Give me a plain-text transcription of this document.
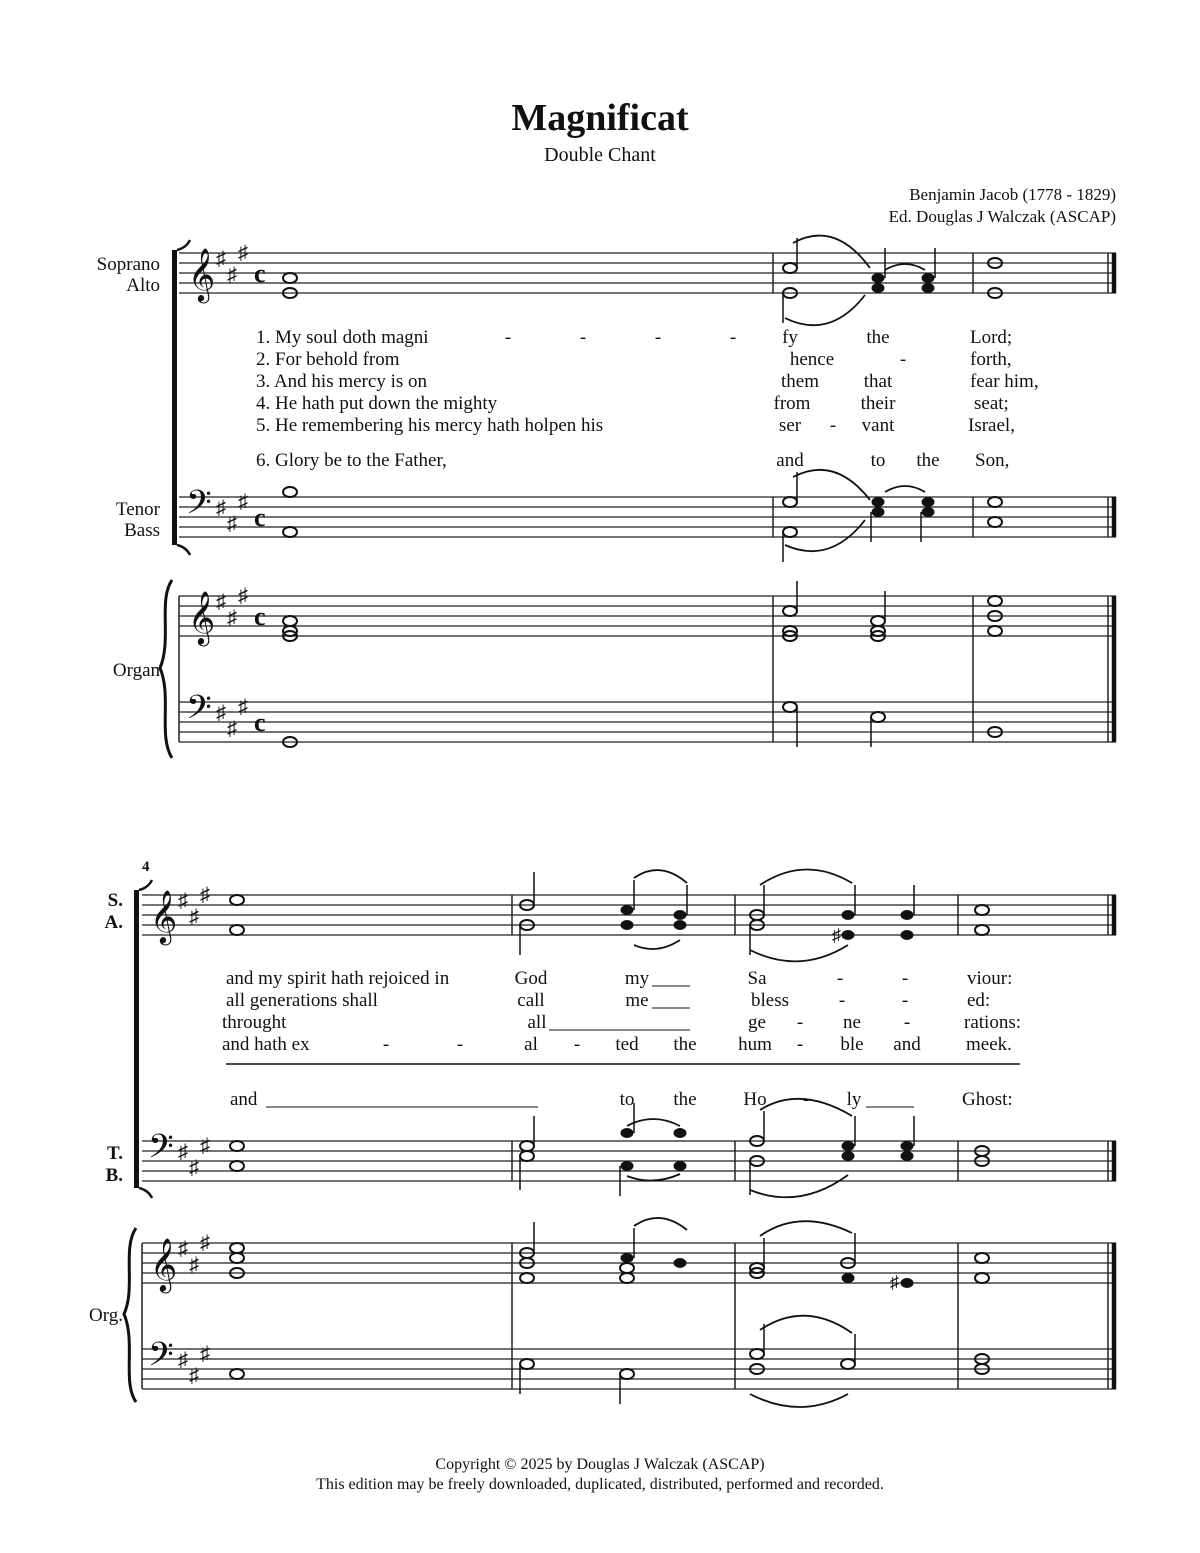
Magnificat
Double Chant
Benjamin Jacob (1778 - 1829)
Ed. Douglas J Walczak (ASCAP)
Soprano
Alto
Tenor
Bass
Organ
𝄞
𝄢
𝄞
𝄢
♯
♯
♯
♯
♯
♯
♯
♯
♯
♯
♯
♯
c
c
c
c
1. My soul doth magni	-	-	-	- fy	the	Lord;
2. For behold from	hence	-	forth,
3. And his mercy is on	them that	fear him,
4. He hath put down the mighty	from	their	seat;
5. He remembering his mercy hath holpen his	ser - vant	Israel,
6. Glory be to the Father,	and	to the Son,
4
S.
A.
T.
B.
Org.
𝄞
𝄢
𝄞
𝄢
♯
♯
♯
♯
♯
♯
♯
♯
♯
♯
♯
♯
♯
♯
and my spirit hath rejoiced in	God	my	Sa	-	-	viour:
all generations shall	call	me	bless	-	-	ed:
throught	all	ge - ne -	rations:
and hath ex	-	-	al - ted the hum - ble and meek.
and	to the Ho - ly	Ghost:
Copyright © 2025 by Douglas J Walczak (ASCAP)
This edition may be freely downloaded, duplicated, distributed, performed and recorded.
